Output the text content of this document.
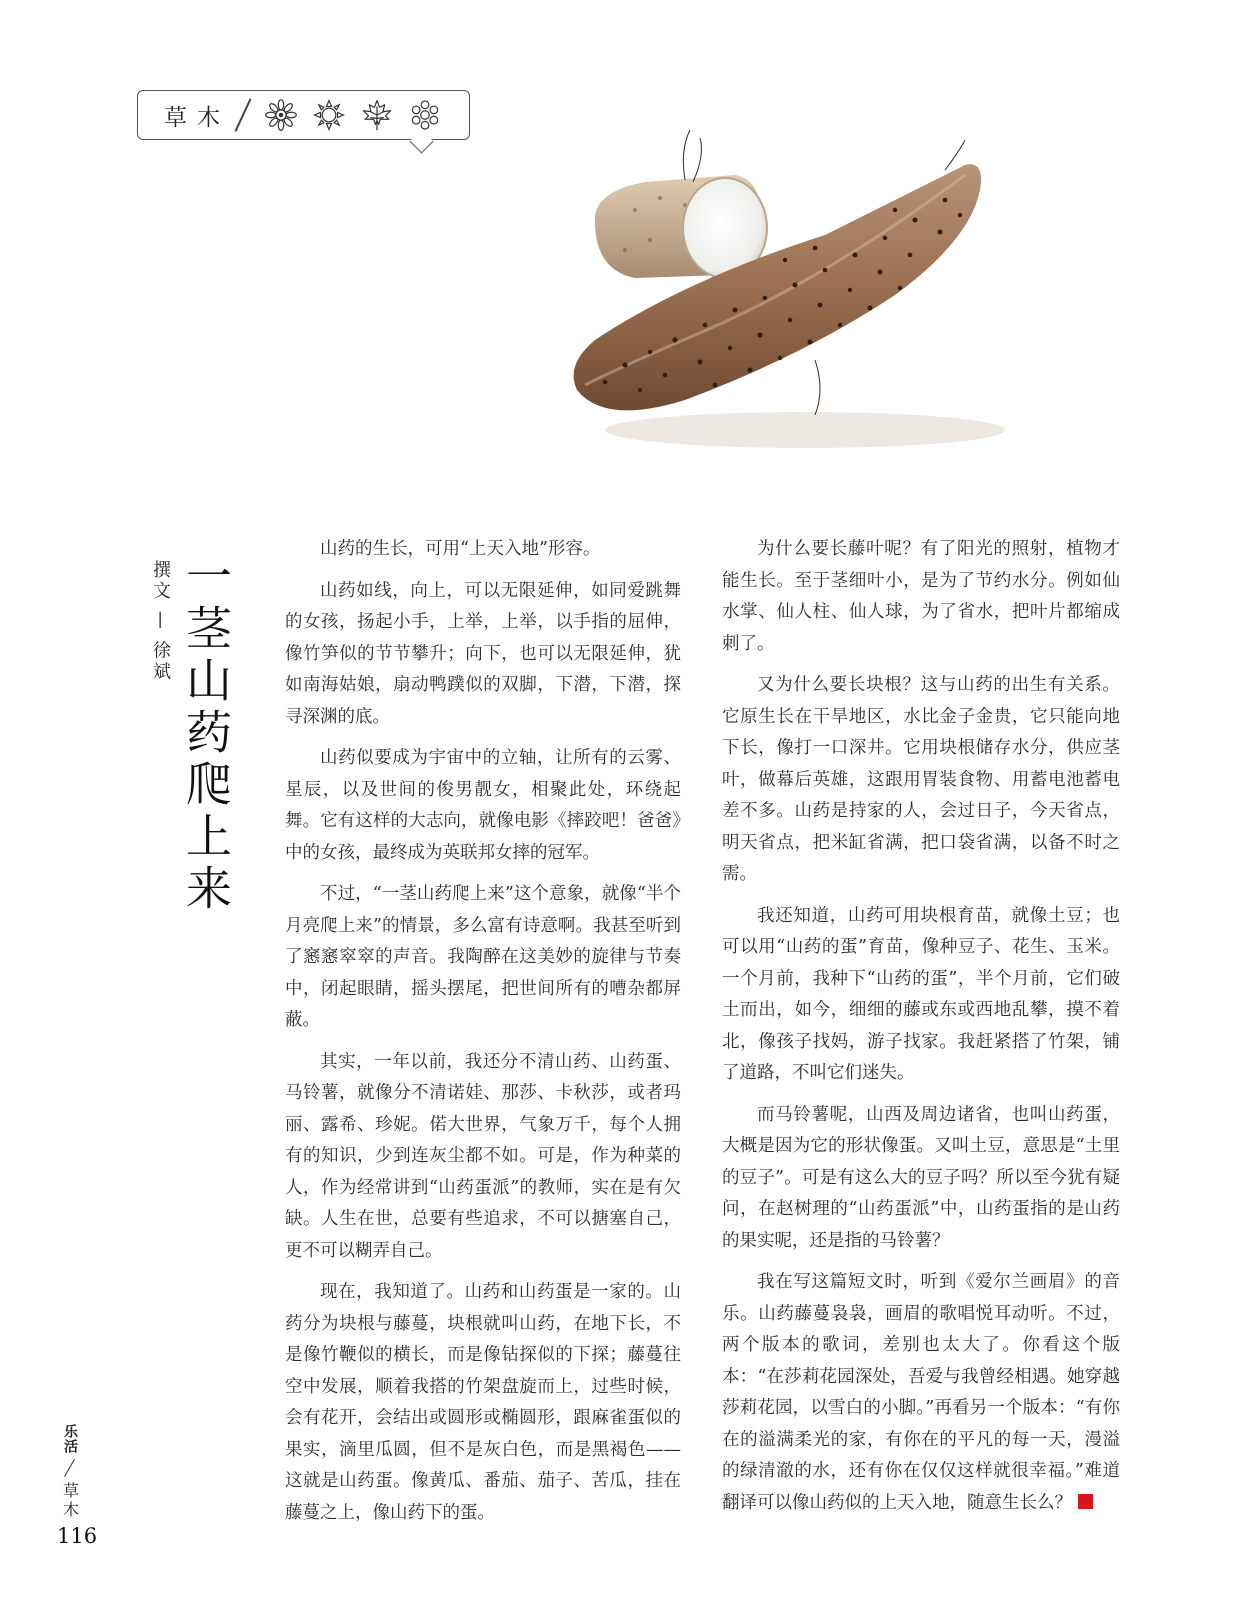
草木
一茎山药爬上来
撰文 — 徐斌

山药的生长，可用“上天入地”形容。

山药如线，向上，可以无限延伸，如同爱跳舞的女孩，扬起小手，上举，上举，以手指的屈伸，像竹笋似的节节攀升；向下，也可以无限延伸，犹如南海姑娘，扇动鸭蹼似的双脚，下潜，下潜，探寻深渊的底。

山药似要成为宇宙中的立轴，让所有的云雾、星辰，以及世间的俊男靓女，相聚此处，环绕起舞。它有这样的大志向，就像电影《摔跤吧！爸爸》中的女孩，最终成为英联邦女摔的冠军。

不过，“一茎山药爬上来”这个意象，就像“半个月亮爬上来”的情景，多么富有诗意啊。我甚至听到了窸窸窣窣的声音。我陶醉在这美妙的旋律与节奏中，闭起眼睛，摇头摆尾，把世间所有的嘈杂都屏蔽。

其实，一年以前，我还分不清山药、山药蛋、马铃薯，就像分不清诺娃、那莎、卡秋莎，或者玛丽、露希、珍妮。偌大世界，气象万千，每个人拥有的知识，少到连灰尘都不如。可是，作为种菜的人，作为经常讲到“山药蛋派”的教师，实在是有欠缺。人生在世，总要有些追求，不可以搪塞自己，更不可以糊弄自己。

现在，我知道了。山药和山药蛋是一家的。山药分为块根与藤蔓，块根就叫山药，在地下长，不是像竹鞭似的横长，而是像钻探似的下探；藤蔓往空中发展，顺着我搭的竹架盘旋而上，过些时候，会有花开，会结出或圆形或椭圆形，跟麻雀蛋似的果实，滴里瓜圆，但不是灰白色，而是黑褐色——这就是山药蛋。像黄瓜、番茄、茄子、苦瓜，挂在藤蔓之上，像山药下的蛋。

为什么要长藤叶呢？有了阳光的照射，植物才能生长。至于茎细叶小，是为了节约水分。例如仙水掌、仙人柱、仙人球，为了省水，把叶片都缩成刺了。

又为什么要长块根？这与山药的出生有关系。它原生长在干旱地区，水比金子金贵，它只能向地下长，像打一口深井。它用块根储存水分，供应茎叶，做幕后英雄，这跟用胃装食物、用蓄电池蓄电差不多。山药是持家的人，会过日子，今天省点，明天省点，把米缸省满，把口袋省满，以备不时之需。

我还知道，山药可用块根育苗，就像土豆；也可以用“山药的蛋”育苗，像种豆子、花生、玉米。一个月前，我种下“山药的蛋”，半个月前，它们破土而出，如今，细细的藤或东或西地乱攀，摸不着北，像孩子找妈，游子找家。我赶紧搭了竹架，铺了道路，不叫它们迷失。

而马铃薯呢，山西及周边诸省，也叫山药蛋，大概是因为它的形状像蛋。又叫土豆，意思是“土里的豆子”。可是有这么大的豆子吗？所以至今犹有疑问，在赵树理的“山药蛋派”中，山药蛋指的是山药的果实呢，还是指的马铃薯？

我在写这篇短文时，听到《爱尔兰画眉》的音乐。山药藤蔓袅袅，画眉的歌唱悦耳动听。不过，两个版本的歌词，差别也太大了。你看这个版本：“在莎莉花园深处，吾爱与我曾经相遇。她穿越莎莉花园，以雪白的小脚。”再看另一个版本：“有你在的溢满柔光的家，有你在的平凡的每一天，漫溢的绿清澈的水，还有你在仅仅这样就很幸福。”难道翻译可以像山药似的上天入地，随意生长么？

乐活
草木
116
